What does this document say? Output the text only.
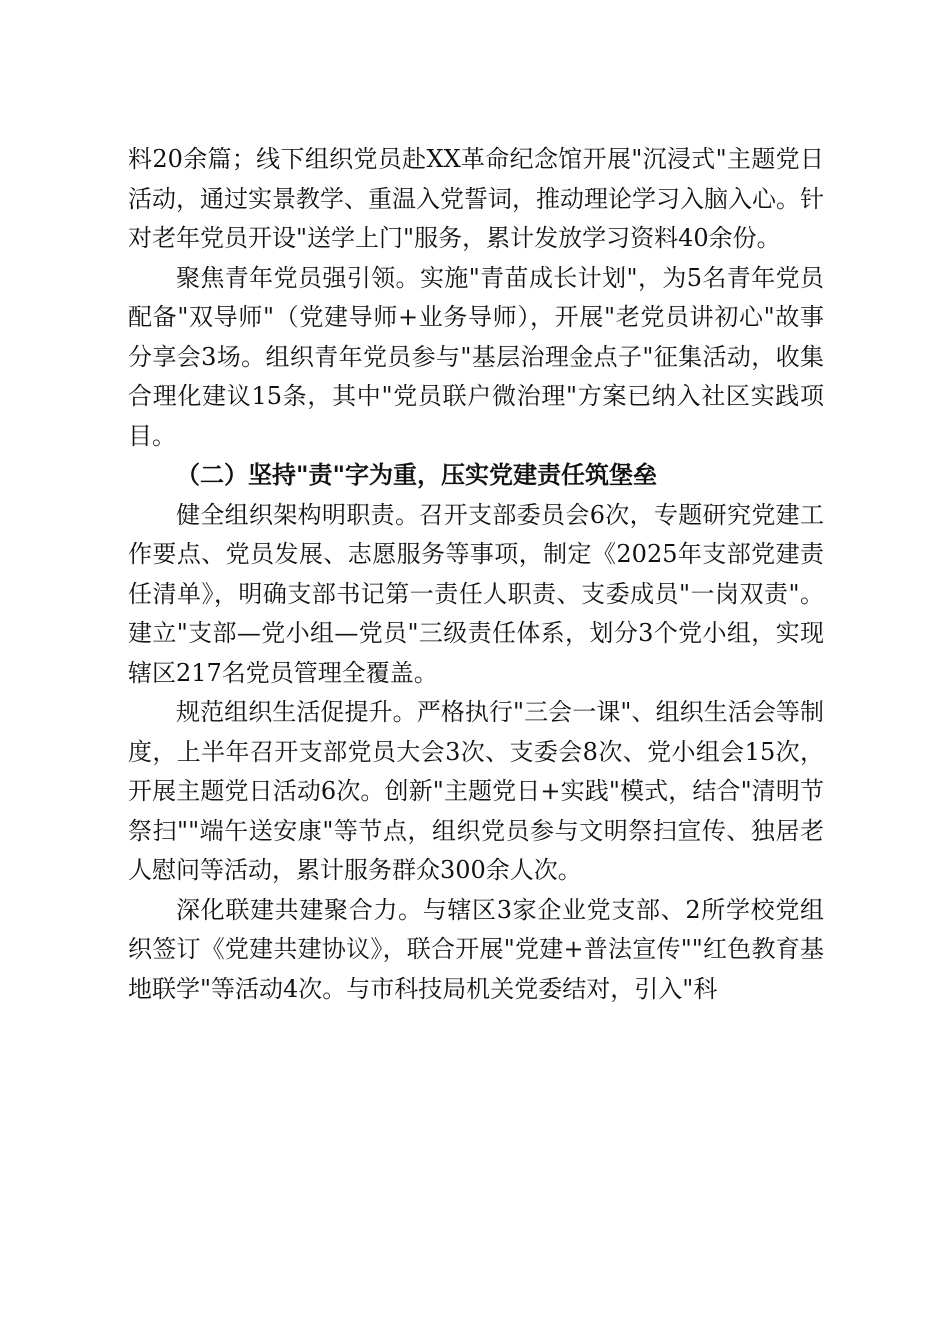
料20余篇；线下组织党员赴XX革命纪念馆开展"沉浸式"主题党日活动，通过实景教学、重温入党誓词，推动理论学习入脑入心。针对老年党员开设"送学上门"服务，累计发放学习资料40余份。

聚焦青年党员强引领。实施"青苗成长计划"，为5名青年党员配备"双导师"（党建导师+业务导师），开展"老党员讲初心"故事分享会3场。组织青年党员参与"基层治理金点子"征集活动，收集合理化建议15条，其中"党员联户微治理"方案已纳入社区实践项目。

（二）坚持"责"字为重，压实党建责任筑堡垒

健全组织架构明职责。召开支部委员会6次，专题研究党建工作要点、党员发展、志愿服务等事项，制定《2025年支部党建责任清单》，明确支部书记第一责任人职责、支委成员"一岗双责"。建立"支部—党小组—党员"三级责任体系，划分3个党小组，实现辖区217名党员管理全覆盖。

规范组织生活促提升。严格执行"三会一课"、组织生活会等制度，上半年召开支部党员大会3次、支委会8次、党小组会15次，开展主题党日活动6次。创新"主题党日+实践"模式，结合"清明节祭扫""端午送安康"等节点，组织党员参与文明祭扫宣传、独居老人慰问等活动，累计服务群众300余人次。

深化联建共建聚合力。与辖区3家企业党支部、2所学校党组织签订《党建共建协议》，联合开展"党建+普法宣传""红色教育基地联学"等活动4次。与市科技局机关党委结对，引入"科
